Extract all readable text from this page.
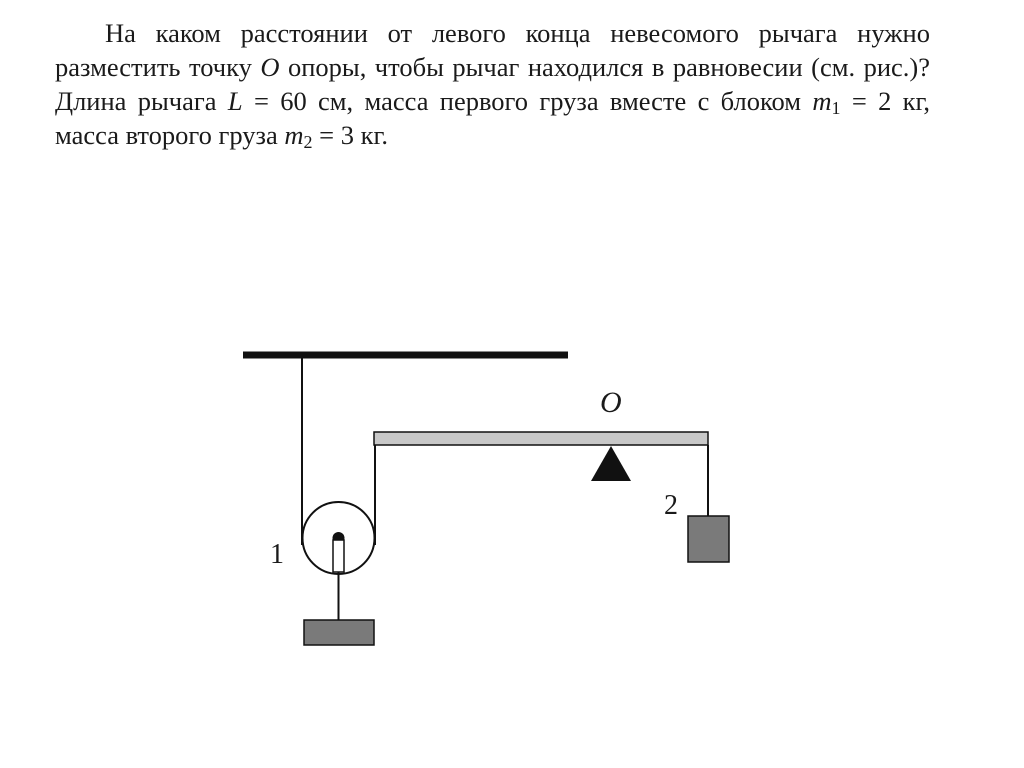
На каком расстоянии от левого конца невесомого рычага нужно разместить точку O опоры, чтобы рычаг находился в равновесии (см. рис.)? Длина рычага L = 60 см, масса первого груза вместе с блоком $m_1 = 2$ кг, масса второго груза $m_2 = 3$ кг.

O
1
2
